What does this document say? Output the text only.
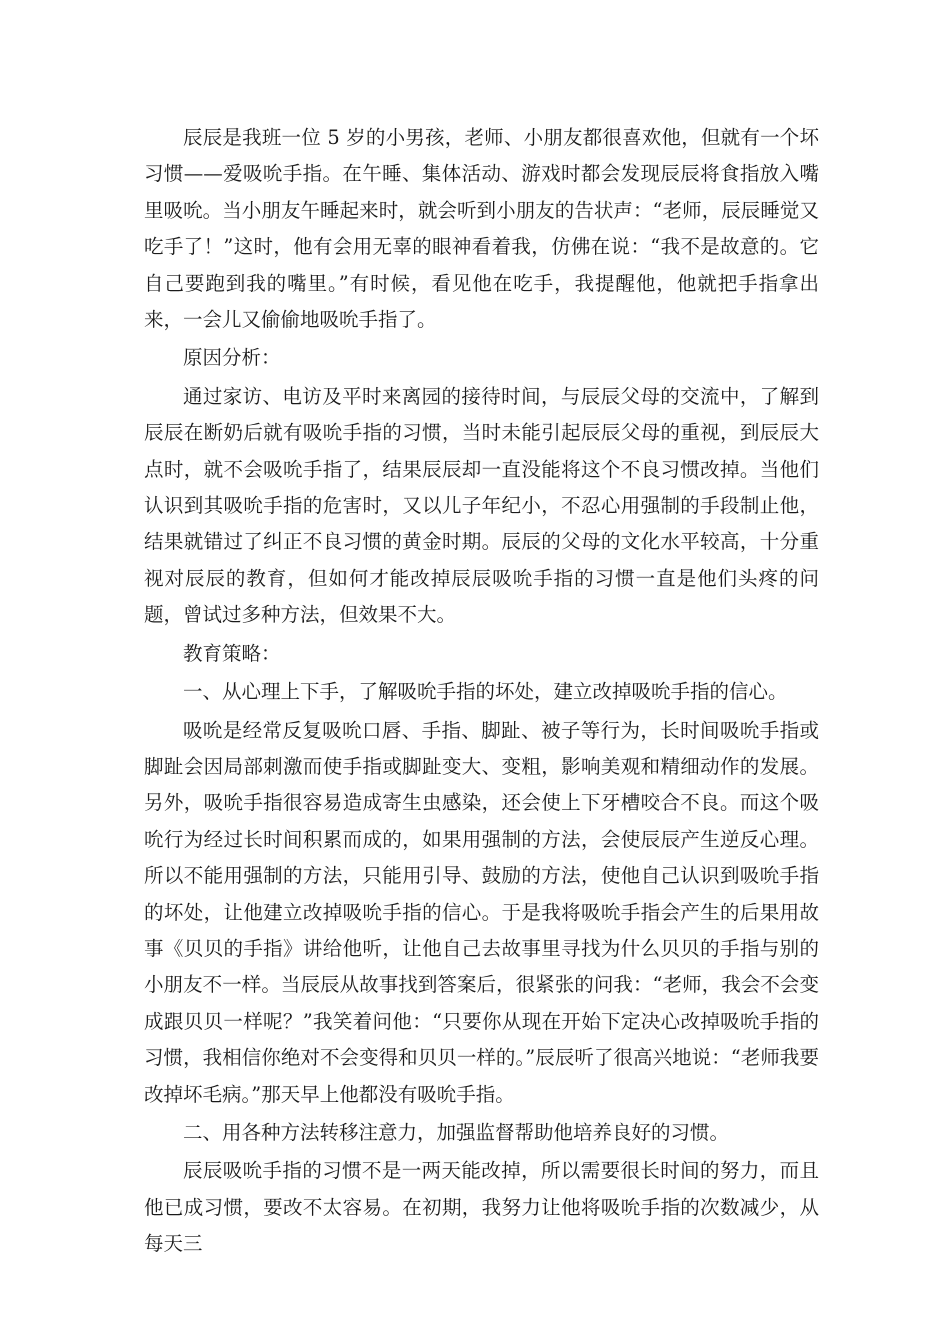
辰辰是我班一位 5 岁的小男孩，老师、小朋友都很喜欢他，但就有一个坏习惯——爱吸吮手指。在午睡、集体活动、游戏时都会发现辰辰将食指放入嘴里吸吮。当小朋友午睡起来时，就会听到小朋友的告状声：“老师，辰辰睡觉又吃手了！”这时，他有会用无辜的眼神看着我，仿佛在说：“我不是故意的。它自己要跑到我的嘴里。”有时候，看见他在吃手，我提醒他，他就把手指拿出来，一会儿又偷偷地吸吮手指了。

原因分析：

通过家访、电访及平时来离园的接待时间，与辰辰父母的交流中，了解到辰辰在断奶后就有吸吮手指的习惯，当时未能引起辰辰父母的重视，到辰辰大点时，就不会吸吮手指了，结果辰辰却一直没能将这个不良习惯改掉。当他们认识到其吸吮手指的危害时，又以儿子年纪小，不忍心用强制的手段制止他，结果就错过了纠正不良习惯的黄金时期。辰辰的父母的文化水平较高，十分重视对辰辰的教育，但如何才能改掉辰辰吸吮手指的习惯一直是他们头疼的问题，曾试过多种方法，但效果不大。

教育策略：

一、从心理上下手，了解吸吮手指的坏处，建立改掉吸吮手指的信心。

吸吮是经常反复吸吮口唇、手指、脚趾、被子等行为，长时间吸吮手指或脚趾会因局部刺激而使手指或脚趾变大、变粗，影响美观和精细动作的发展。另外，吸吮手指很容易造成寄生虫感染，还会使上下牙槽咬合不良。而这个吸吮行为经过长时间积累而成的，如果用强制的方法，会使辰辰产生逆反心理。所以不能用强制的方法，只能用引导、鼓励的方法，使他自己认识到吸吮手指的坏处，让他建立改掉吸吮手指的信心。于是我将吸吮手指会产生的后果用故事《贝贝的手指》讲给他听，让他自己去故事里寻找为什么贝贝的手指与别的小朋友不一样。当辰辰从故事找到答案后，很紧张的问我：“老师，我会不会变成跟贝贝一样呢？”我笑着问他：“只要你从现在开始下定决心改掉吸吮手指的习惯，我相信你绝对不会变得和贝贝一样的。”辰辰听了很高兴地说：“老师我要改掉坏毛病。”那天早上他都没有吸吮手指。

二、用各种方法转移注意力，加强监督帮助他培养良好的习惯。

辰辰吸吮手指的习惯不是一两天能改掉，所以需要很长时间的努力，而且他已成习惯，要改不太容易。在初期，我努力让他将吸吮手指的次数减少，从每天三
